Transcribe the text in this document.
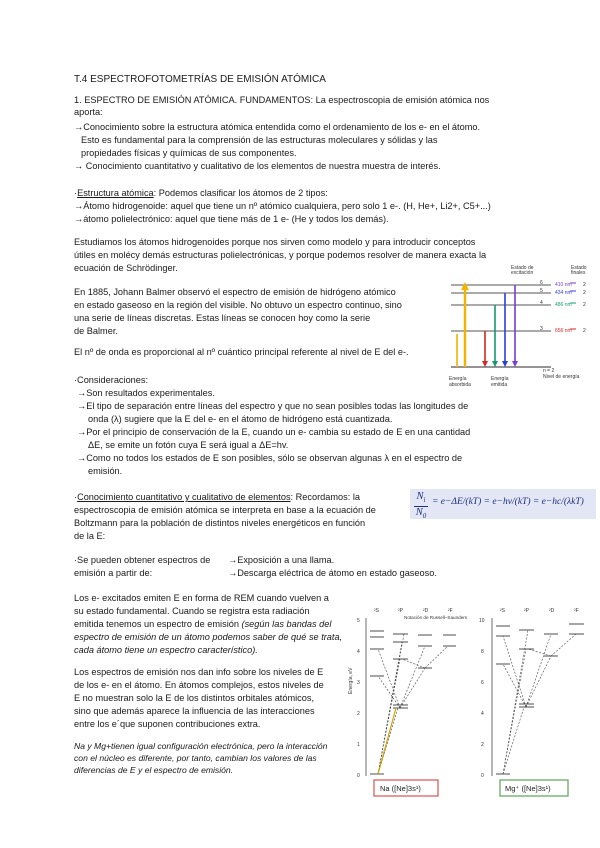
T.4 ESPECTROFOTOMETRÍAS DE EMISIÓN ATÓMICA
1. ESPECTRO DE EMISIÓN ATÓMICA. FUNDAMENTOS: La espectroscopia de emisión atómica nos
aporta:
→Conocimiento sobre la estructura atómica entendida como el ordenamiento de los e- en el átomo.
Esto es fundamental para la comprensión de las estructuras moleculares y sólidas y las
propiedades físicas y químicas de sus componentes.
→ Conocimiento cuantitativo y cualitativo de los elementos de nuestra muestra de interés.
·Estructura atómica: Podemos clasificar los átomos de 2 tipos:
→Átomo hidrogenoide: aquel que tiene un nº atómico cualquiera, pero solo 1 e-. (H, He+, Li2+, C5+...)
→átomo polielectrónico: aquel que tiene más de 1 e- (He y todos los demás).
Estudiamos los átomos hidrogenoides porque nos sirven como modelo y para introducir conceptos
útiles en molécy demás estructuras polielectrónicas, y porque podemos resolver de manera exacta la
ecuación de Schrödinger.
En 1885, Johann Balmer observó el espectro de emisión de hidrógeno atómico
en estado gaseoso en la región del visible. No obtuvo un espectro continuo, sino
una serie de líneas discretas. Estas líneas se conocen hoy como la serie
de Balmer.
El nº de onda es proporcional al nº cuántico principal referente al nivel de E del e-.
Estado de
excitación
Estado
finales
6
5
4
3
n = 2
Nivel de energía
410 nm
434 nm
486 nm
656 nm
2
2
2
2
Energía
absorbida
Energía
emitida
·Consideraciones:
→Son resultados experimentales.
→El tipo de separación entre líneas del espectro y que no sean posibles todas las longitudes de
onda (λ) sugiere que la E del e- en el átomo de hidrógeno está cuantizada.
→Por el principio de conservación de la E, cuando un e- cambia su estado de E en una cantidad
ΔE, se emite un fotón cuya E será igual a ΔE=hv.
→Como no todos los estados de E son posibles, sólo se observan algunas λ en el espectro de
emisión.
·Conocimiento cuantitativo y cualitativo de elementos: Recordamos: la
espectroscopia de emisión atómica se interpreta en base a la ecuación de
Boltzmann para la población de distintos niveles energéticos en función
de la E:
$N_i$
$N_0$
= e−ΔE/(kT) = e−hν/(kT) = e−hc/(λkT)
·Se pueden obtener espectros de
emisión a partir de:
→Exposición a una llama.
→Descarga eléctrica de átomo en estado gaseoso.
Los e- excitados emiten E en forma de REM cuando vuelven a
su estado fundamental. Cuando se registra esta radiación
emitida tenemos un espectro de emisión (según las bandas del
espectro de emisión de un átomo podemos saber de qué se trata,
cada átomo tiene un espectro característico).
Los espectros de emisión nos dan info sobre los niveles de E
de los e- en el átomo. En átomos complejos, estos niveles de
E no muestran solo la E de los distintos orbitales atómicos,
sino que además aparece la influencia de las interacciones
entre los e´que suponen contribuciones extra.
Na y Mg+tienen igual configuración electrónica, pero la interacción
con el núcleo es diferente, por tanto, cambian los valores de las
diferencias de E y el espectro de emisión.
Energía, eV
0
1
2
3
4
5
²S	²P	²D	²F
Notación de Russell–Saunders
Na ([Ne]3s¹)
0
2
4
6
8
10
²S	²P	²D	²F
Mg⁺ ([Ne]3s¹)
